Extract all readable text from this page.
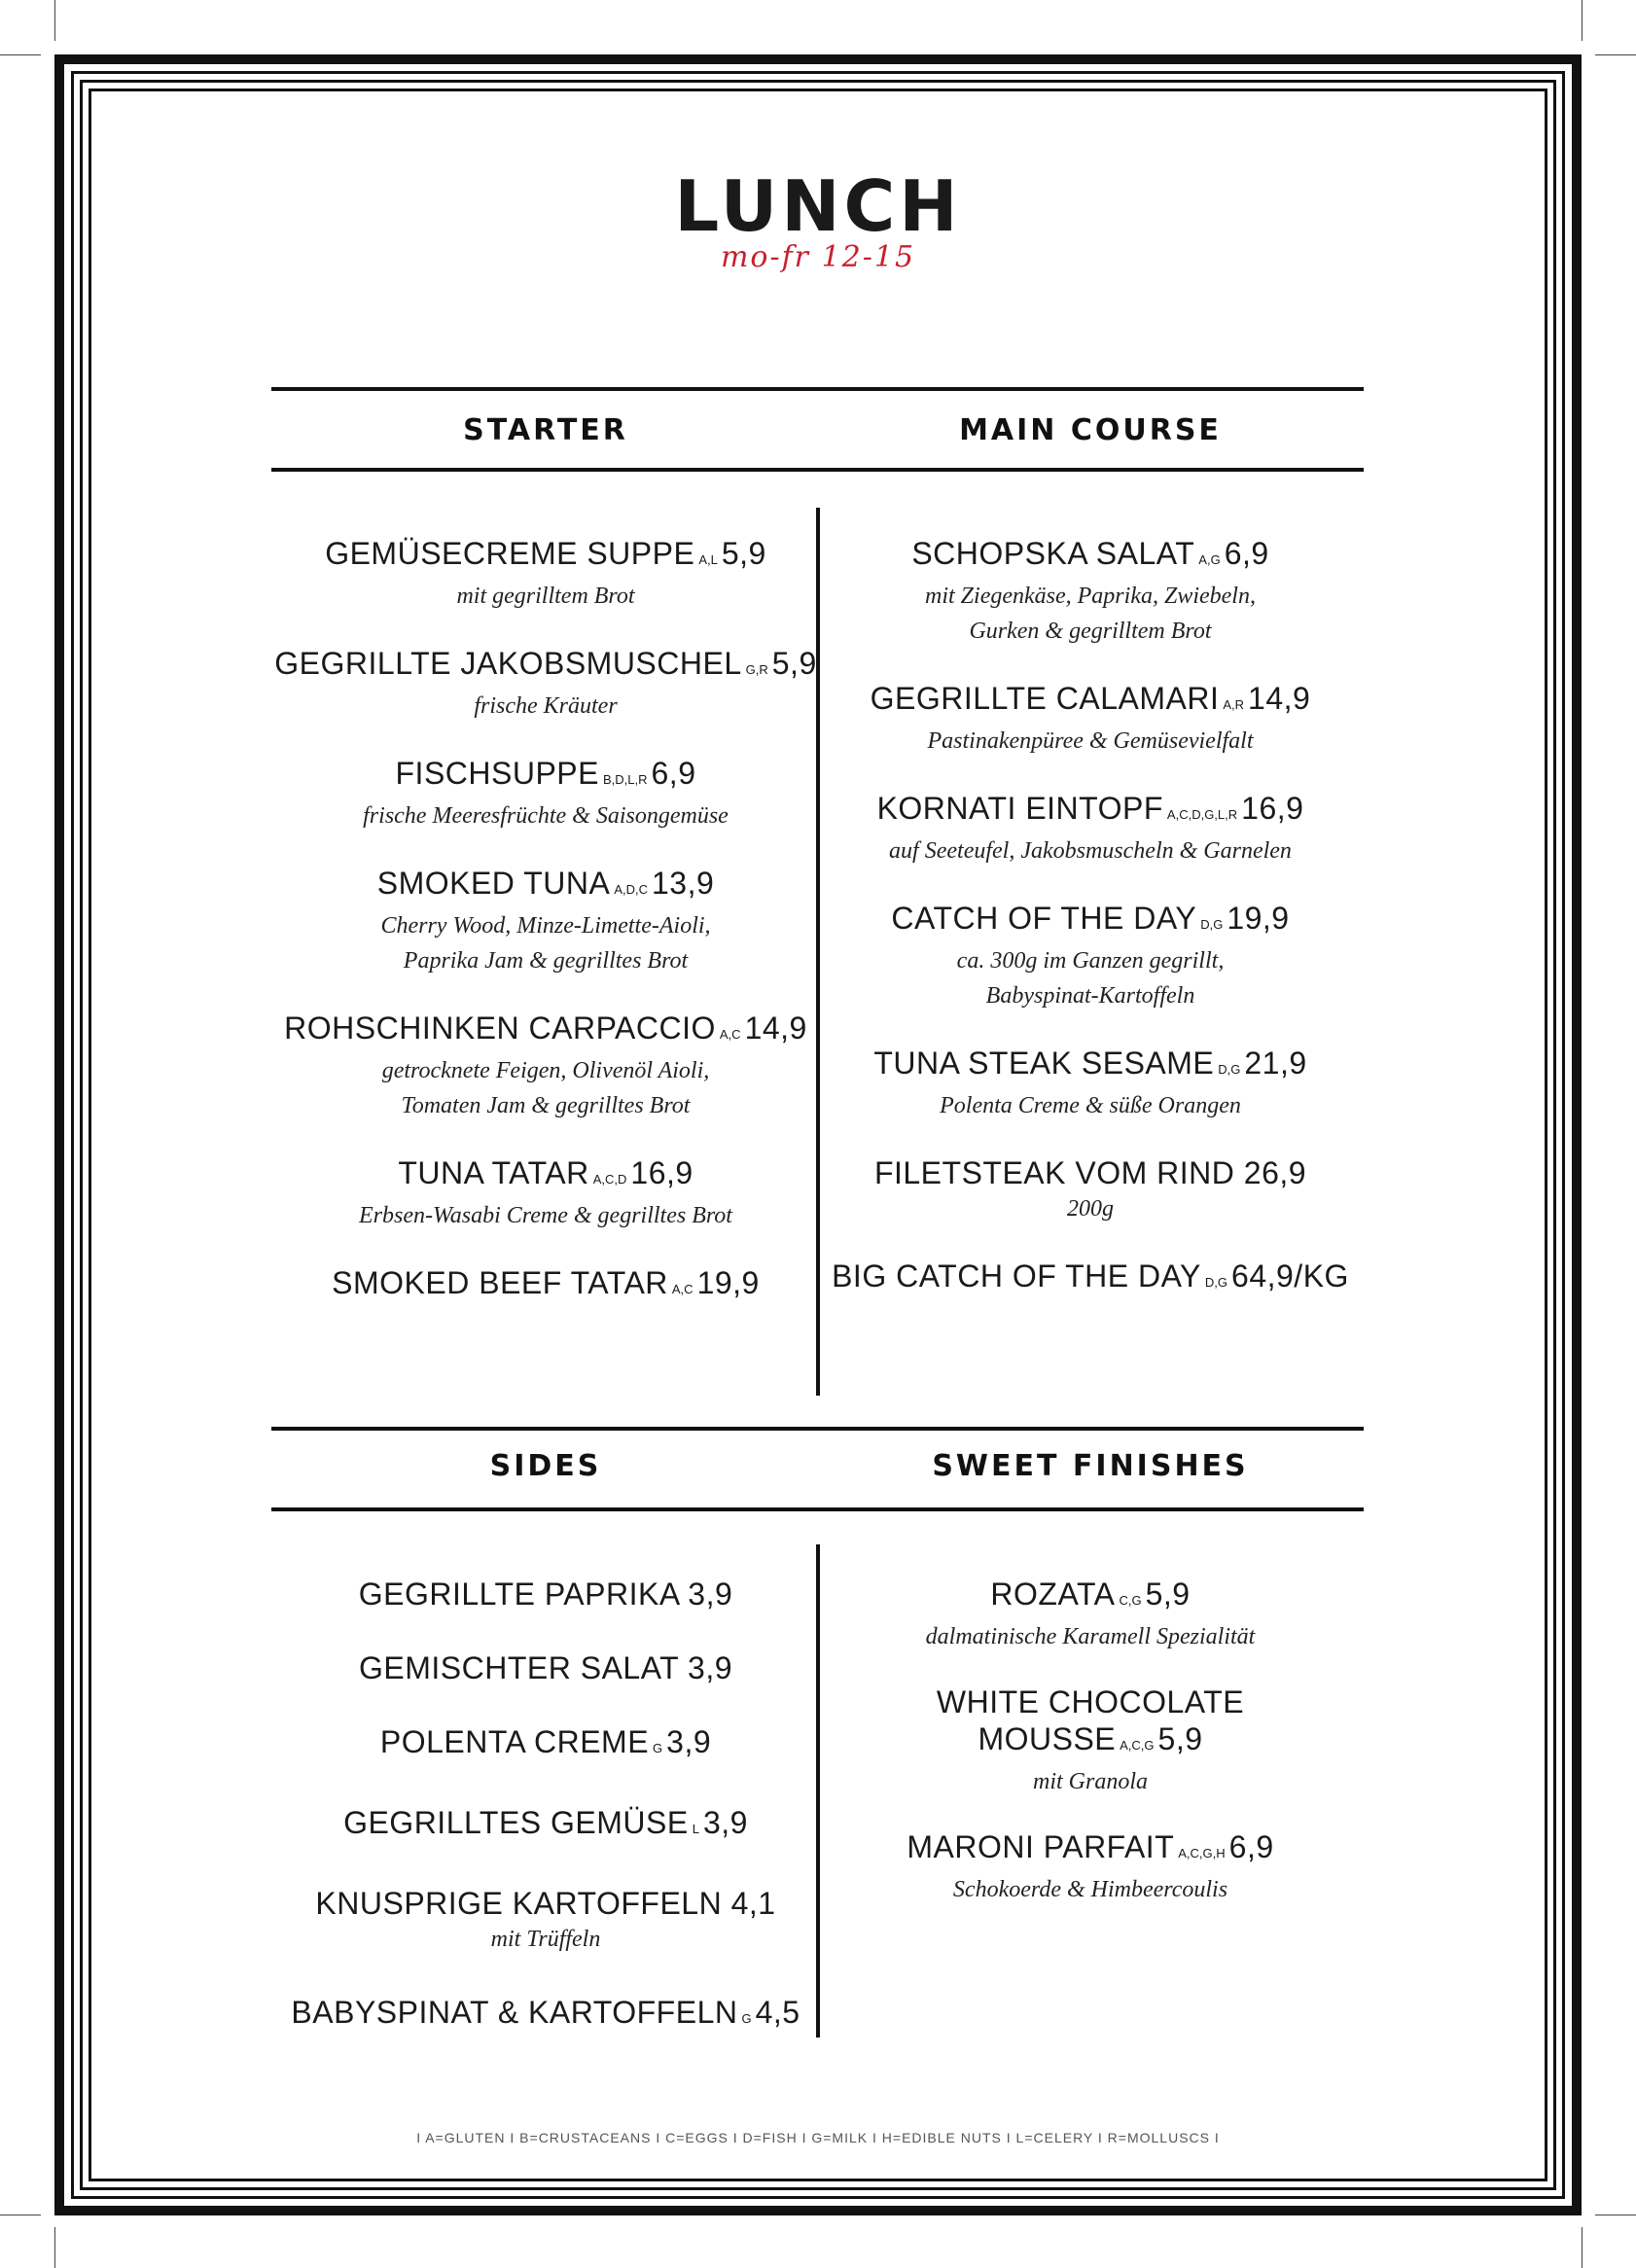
LUNCH
mo-fr 12-15
STARTER	MAIN COURSE
GEMÜSECREME SUPPE A,L 5,9
mit gegrilltem Brot
GEGRILLTE JAKOBSMUSCHEL G,R 5,9
frische Kräuter
FISCHSUPPE B,D,L,R 6,9
frische Meeresfrüchte & Saisongemüse
SMOKED TUNA A,D,C 13,9
Cherry Wood, Minze-Limette-Aioli,
Paprika Jam & gegrilltes Brot
ROHSCHINKEN CARPACCIO A,C 14,9
getrocknete Feigen, Olivenöl Aioli,
Tomaten Jam & gegrilltes Brot
TUNA TATAR A,C,D 16,9
Erbsen-Wasabi Creme & gegrilltes Brot
SMOKED BEEF TATAR A,C 19,9
SCHOPSKA SALAT A,G 6,9
mit Ziegenkäse, Paprika, Zwiebeln,
Gurken & gegrilltem Brot
GEGRILLTE CALAMARI A,R 14,9
Pastinakenpüree & Gemüsevielfalt
KORNATI EINTOPF A,C,D,G,L,R 16,9
auf Seeteufel, Jakobsmuscheln & Garnelen
CATCH OF THE DAY D,G 19,9
ca. 300g im Ganzen gegrillt,
Babyspinat-Kartoffeln
TUNA STEAK SESAME D,G 21,9
Polenta Creme & süße Orangen
FILETSTEAK VOM RIND 26,9
200g
BIG CATCH OF THE DAY D,G 64,9/KG
SIDES	SWEET FINISHES
GEGRILLTE PAPRIKA 3,9
GEMISCHTER SALAT 3,9
POLENTA CREME G 3,9
GEGRILLTES GEMÜSE L 3,9
KNUSPRIGE KARTOFFELN 4,1
mit Trüffeln
BABYSPINAT & KARTOFFELN G 4,5
ROZATA C,G 5,9
dalmatinische Karamell Spezialität
WHITE CHOCOLATE
MOUSSE A,C,G 5,9
mit Granola
MARONI PARFAIT A,C,G,H 6,9
Schokoerde & Himbeercoulis
I A=GLUTEN I B=CRUSTACEANS I C=EGGS I D=FISH I G=MILK I H=EDIBLE NUTS I L=CELERY I R=MOLLUSCS I
